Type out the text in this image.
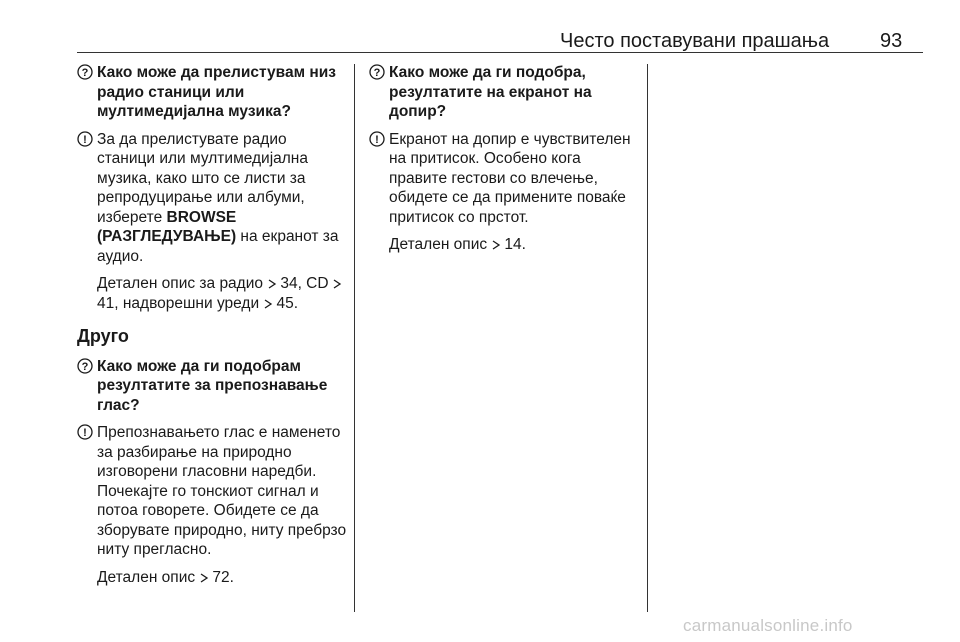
Често поставувани прашања	93
? Како може да прелистувам низ радио станици или мултимедијална музика?
! За да прелистувате радио станици или мултимедијална музика, како што се листи за репродуцирање или албуми, изберете BROWSE (РАЗГЛЕДУВАЊЕ) на екранот за аудио.
Детален опис за радио 34, CD
41, надворешни уреди 45.
Друго
? Како може да ги подобрам резултатите за препознавање глас?
! Препознавањето глас е наменето за разбирање на природно изговорени гласовни наредби. Почекајте го тонскиот сигнал и потоа говорете. Обидете се да зборувате природно, ниту пребрзо ниту прегласно.
Детален опис 72.
? Како може да ги подобра, резултатите на екранот на допир?
! Екранот на допир е чувствителен на притисок. Особено кога правите гестови со влечење, обидете се да примените поваќе притисок со прстот.
Детален опис 14.
carmanualsonline.info
